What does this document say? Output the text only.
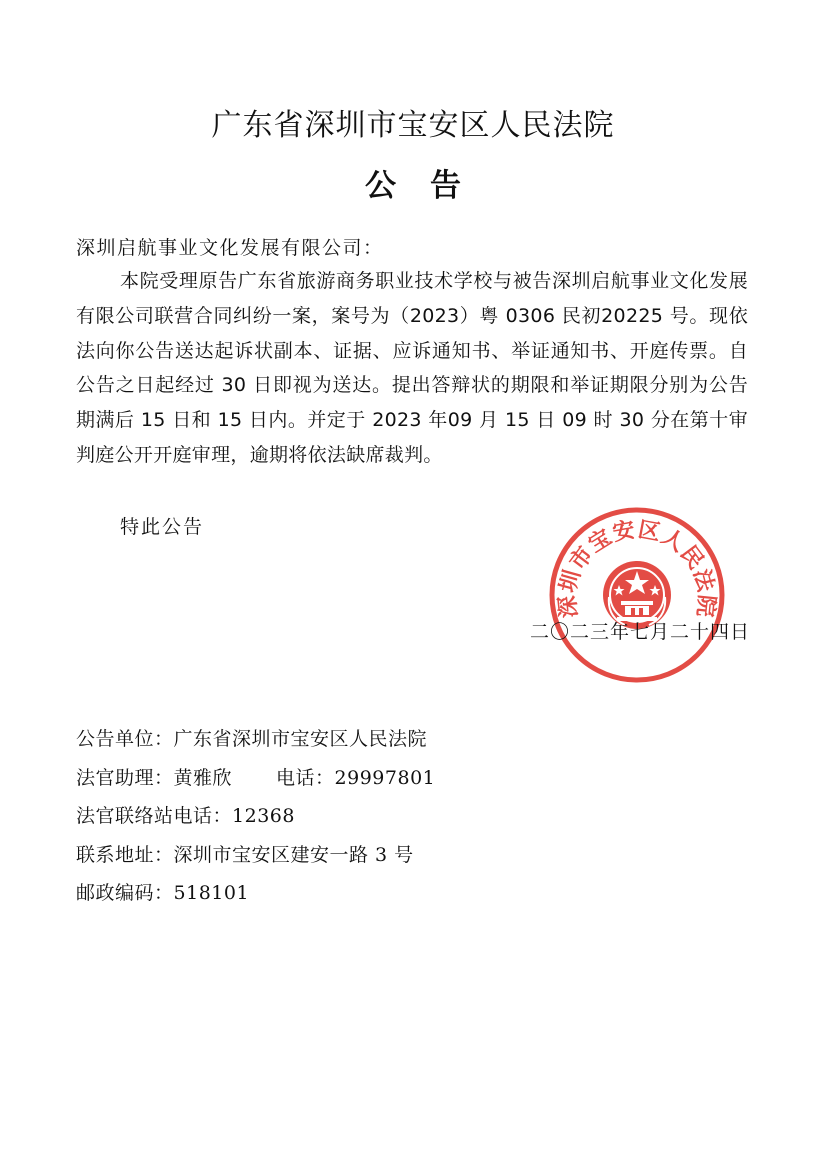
广东省深圳市宝安区人民法院
公告
深圳启航事业文化发展有限公司：
本院受理原告广东省旅游商务职业技术学校与被告深圳启航事业文化发展有限公司联营合同纠纷一案，案号为（2023）粤 0306 民初20225 号。现依法向你公告送达起诉状副本、证据、应诉通知书、举证通知书、开庭传票。自公告之日起经过 30 日即视为送达。提出答辩状的期限和举证期限分别为公告期满后 15 日和 15 日内。并定于 2023 年09 月 15 日 09 时 30 分在第十审判庭公开开庭审理，逾期将依法缺席裁判。
特此公告
深圳市宝安区人民法院
二〇二三年七月二十四日
公告单位：广东省深圳市宝安区人民法院
法官助理：黄雅欣 电话：29997801
法官联络站电话：12368
联系地址：深圳市宝安区建安一路 3 号
邮政编码：518101
